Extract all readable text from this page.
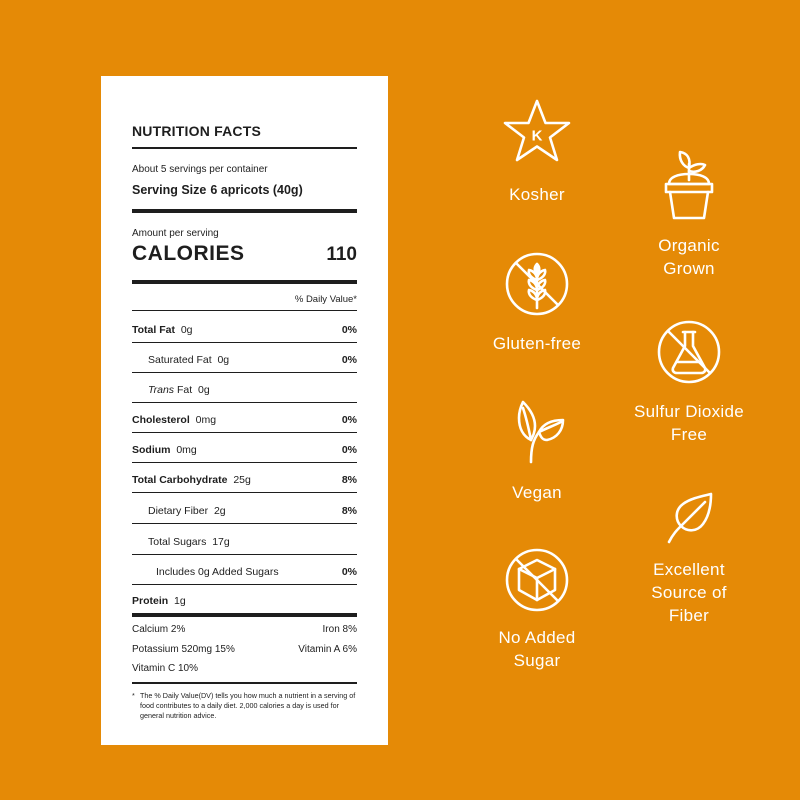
NUTRITION FACTS
About 5 servings per container
Serving Size 6 apricots (40g)
Amount per serving
CALORIES	110
% Daily Value*
Total Fat 0g	0%
Saturated Fat 0g	0%
Trans Fat 0g
Cholesterol 0mg	0%
Sodium 0mg	0%
Total Carbohydrate 25g	8%
Dietary Fiber 2g	8%
Total Sugars 17g
Includes 0g Added Sugars	0%
Protein 1g
Calcium 2%	Iron 8%
Potassium 520mg 15%	Vitamin A 6%
Vitamin C 10%
* The % Daily Value(DV) tells you how much a nutrient in a serving of food contributes to a daily diet. 2,000 calories a day is used for general nutrition advice.
K
Kosher
Organic
Grown
Gluten-free
Sulfur Dioxide
Free
Vegan
Excellent
Source of
Fiber
No Added
Sugar
